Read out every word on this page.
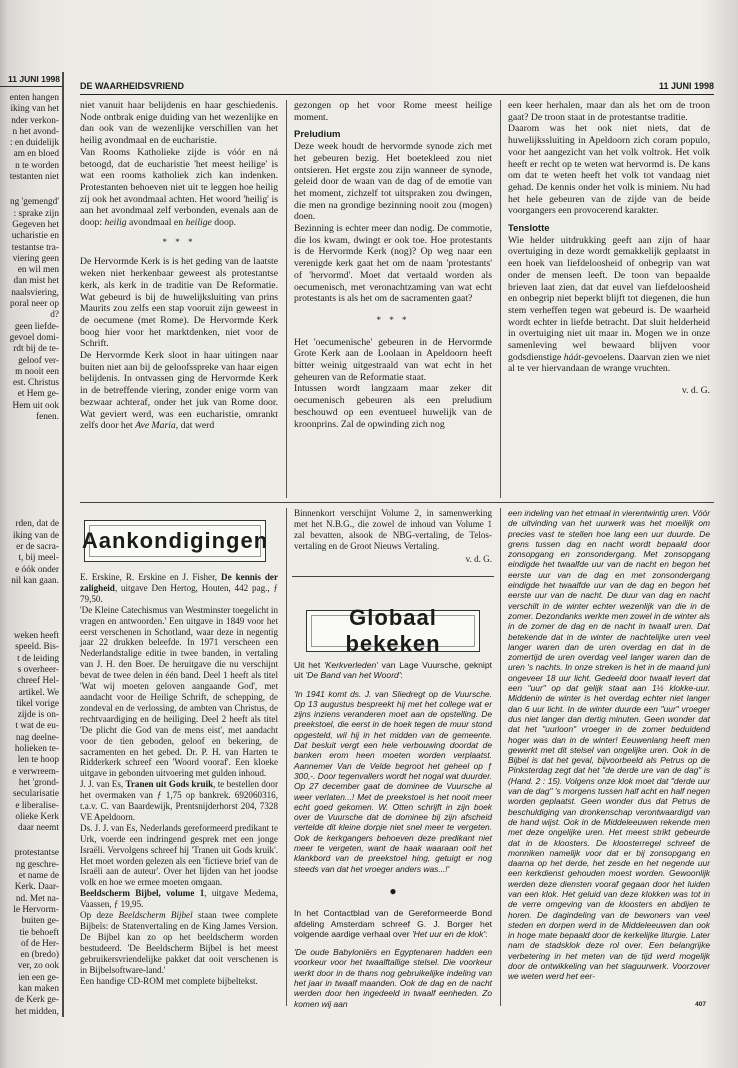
11 JUNI 1998
enten hangen
iking van het
nder verkon-
n het avond-
: en duidelijk
am en bloed
n te worden
testanten niet
ng 'gemengd'
: sprake zijn
Gegeven het
ucharistie en
testantse tra-
viering geen
en wil men
dan mist het
naalsviering,
poral neer op
d?
geen liefde-
gevoel domi-
rdt bij de te-
geloof ver-
m nooit een
est. Christus
et Hem ge-
Hem uit ook
fenen.
rden, dat de
iking van de
er de sacra-
t, bij meel-
e óók onder
nil kan gaan.
weken heeft
speeld. Bis-
t de leiding
s overheer-
chreef Hel-
artikel. We
tikel vorige
zijde is on-
t wat de eu-
nag deelne-
holieken te-
len te hoop
e verwreem-
het 'grond-
secularisatie
e liberalise-
olieke Kerk
daar neemt
protestantse
ng geschre-
et name de
Kerk. Daar-
nd. Met na-
le Hervorm-
buiten ge-
tie behoeft
of de Her-
en (bredo)
ver, zo ook
ien een ge-
kan maken
de Kerk ge-
het midden,
DE WAARHEIDSVRIEND	11 JUNI 1998

niet vanuit haar belijdenis en haar geschiedenis. Node ontbrak enige duiding van het wezenlijke en dan ook van de wezenlijke verschillen van het heilig avondmaal en de eucharistie.

Van Rooms Katholieke zijde is vóór en ná betoogd, dat de eucharistie 'het meest heilige' is wat een rooms katholiek zich kan indenken. Protestanten behoeven niet uit te leggen hoe heilig zij ook het avondmaal achten. Het woord 'heilig' is aan het avondmaal zelf verbonden, evenals aan de doop: heilig avondmaal en heilige doop.

* * *

De Hervormde Kerk is is het geding van de laatste weken niet herkenbaar geweest als protestantse kerk, als kerk in de traditie van De Reformatie. Wat gebeurd is bij de huwelijksluiting van prins Maurits zou zelfs een stap vooruit zijn geweest in de oecumene (met Rome). De Hervormde Kerk boog hier voor het marktdenken, niet voor de Schrift.

De Hervormde Kerk sloot in haar uitingen naar buiten niet aan bij de geloofsspreke van haar eigen belijdenis. In ontvassen ging de Hervormde Kerk in de betreffende viering, zonder enige vorm van bezwaar achteraf, onder het juk van Rome door. Wat geviert werd, was een eucharistie, omrankt zelfs door het Ave Maria, dat werd

gezongen op het voor Rome meest heilige moment.

Preludium

Deze week houdt de hervormde synode zich met het gebeuren bezig. Het boetekleed zou niet ontsieren. Het ergste zou zijn wanneer de synode, geleid door de waan van de dag of de emotie van het moment, zichzelf tot uitspraken zou dwingen, die men na grondige bezinning nooit zou (mogen) doen.

Bezinning is echter meer dan nodig. De commotie, die los kwam, dwingt er ook toe. Hoe protestants is de Hervormde Kerk (nog)? Op weg naar een verenigde kerk gaat het om de naam 'protestants' of 'hervormd'. Moet dat vertaald worden als oecumenisch, met veronachtzaming van wat echt protestants is als het om de sacramenten gaat?

* * *

Het 'oecumenische' gebeuren in de Hervormde Grote Kerk aan de Loolaan in Apeldoorn heeft bitter weinig uitgestraald van wat echt in het geheuren van de Reformatie staat.

Intussen wordt langzaam maar zeker dit oecumenisch gebeuren als een preludium beschouwd op een eventueel huwelijk van de kroonprins. Zal de opwinding zich nog

een keer herhalen, maar dan als het om de troon gaat? De troon staat in de protestantse traditie.

Daarom was het ook niet niets, dat de huwelijkssluiting in Apeldoorn zich coram populo, voor het aangezicht van het volk voltrok. Het volk heeft er recht op te weten wat hervormd is. De kans om dat te weten heeft het volk tot vandaag niet gehad. De kennis onder het volk is miniem. Nu had het hele gebeuren van de zijde van de beide voorgangers een provocerend karakter.

Tenslotte

Wie helder uitdrukking geeft aan zijn of haar overtuiging in deze wordt gemakkelijk geplaatst in een hoek van liefdeloosheid of onbegrip van wat onder de mensen leeft. De toon van bepaalde brieven laat zien, dat dat euvel van liefdeloosheid en onbegrip niet beperkt blijft tot diegenen, die hun stem verheffen tegen wat gebeurd is. De waarheid wordt echter in liefde betracht. Dat sluit helderheid in overtuiging niet uit maar in. Mogen we in onze samenleving wel bewaard blijven voor godsdienstige háát-gevoelens. Daarvan zien we niet al te ver hiervandaan de wrange vruchten.

v. d. G.
Aankondigingen

E. Erskine, R. Erskine en J. Fisher, De kennis der zaligheid, uitgave Den Hertog, Houten, 442 pag., ƒ 79,50.

'De Kleine Catechismus van Westminster toegelicht in vragen en antwoorden.' Een uitgave in 1849 voor het eerst verschenen in Schotland, waar deze in negentig jaar 22 drukken beleefde. In 1971 verscheen een Nederlandstalige editie in twee banden, in vertaling van J. H. den Boer. De heruitgave die nu verschijnt bevat de twee delen in één band. Deel 1 heeft als titel 'Wat wij moeten geloven aangaande God', met aandacht voor de Heilige Schrift, de schepping, de zondeval en de verlossing, de ambten van Christus, de rechtvaardiging en de heiliging. Deel 2 heeft als titel 'De plicht die God van de mens eist', met aandacht voor de tien geboden, geloof en bekering, de sacramenten en het gebed. Dr. P. H. van Harten te Ridderkerk schreef een 'Woord vooraf'. Een kloeke uitgave in gebonden uitvoering met gulden inhoud.

J. J. van Es, Tranen uit Gods kruik, te bestellen door het overmaken van ƒ 1,75 op bankrek. 692060316, t.a.v. C. van Baardewijk, Prentsnijderhorst 204, 7328 VE Apeldoorn.

Ds. J. J. van Es, Nederlands gereformeerd predikant te Urk, voerde een indringend gesprek met een jonge Israëli. Vervolgens schreef hij 'Tranen uit Gods kruik'. Het moet worden gelezen als een 'fictieve brief van de Israëli aan de auteur'. Over het lijden van het joodse volk en hoe we ermee moeten omgaan.

Beeldscherm Bijbel, volume 1, uitgave Medema, Vaassen, ƒ 19,95.

Op deze Beeldscherm Bijbel staan twee complete Bijbels: de Statenvertaling en de King James Version. De Bijbel kan zo op het beeldscherm worden bestudeerd. 'De Beeldscherm Bijbel is het meest gebruikersvriendelijke pakket dat ooit verschenen is in Bijbelsoftware-land.'

Een handige CD-ROM met complete bijbeltekst.

Binnenkort verschijnt Volume 2, in samenwerking met het N.B.G., die zowel de inhoud van Volume 1 zal bevatten, alsook de NBG-vertaling, de Telos-vertaling en de Groot Nieuws Vertaling.

v. d. G.
Globaal bekeken

Uit het 'Kerkverleden' van Lage Vuursche, geknipt uit 'De Band van het Woord':

'In 1941 komt ds. J. van Sliedregt op de Vuursche. Op 13 augustus bespreekt hij met het college wat er zijns inziens veranderen moet aan de opstelling. De preekstoel, die eerst in de hoek tegen de muur stond opgesteld, wil hij in het midden van de gemeente. Dat besluit vergt een hele verbouwing doordat de banken erom heen moeten worden verplaatst. Aannemer Van de Velde begroot het geheel op ƒ 300,-. Door tegenvallers wordt het nogal wat duurder. Op 27 december gaat de dominee de Vuursche al weer verlaten...! Met de preekstoel is het nooit meer echt goed gekomen. W. Otten schrijft in zijn boek over de Vuursche dat de dominee bij zijn afscheid vertelde dit kleine dorpje niet snel meer te vergeten. Ook de kerkgangers behoeven deze predikant niet meer te vergeten, want de haak waaraan ooit het klankbord van de preekstoel hing, getuigt er nog steeds van dat het vroeger anders was...!'

●

In het Contactblad van de Gereformeerde Bond afdeling Amsterdam schreef G. J. Borger het volgende aardige verhaal over 'Het uur en de klok':

'De oude Babyloniërs en Egyptenaren hadden een voorkeur voor het twaalftallige stelsel. Die voorkeur werkt door in de thans nog gebruikelijke indeling van het jaar in twaalf maanden. Ook de dag en de nacht werden door hen ingedeeld in twaalf eenheden. Zo komen wij aan

een indeling van het etmaal in vierentwintig uren. Vóór de uitvinding van het uurwerk was het moeilijk om precies vast te stellen hoe lang een uur duurde. De grens tussen dag en nacht wordt bepaald door zonsopgang en zonsondergang. Met zonsopgang eindigde het twaalfde uur van de nacht en begon het eerste uur van de dag en met zonsondergang eindigde het twaalfde uur van de dag en begon het eerste uur van de nacht. De duur van dag en nacht verschilt in de winter echter wezenlijk van die in de zomer. Dezondanks werkte men zowel in de winter als in de zomer de dag en de nacht in twaalf uren. Dat betekende dat in de winter de nachtelijke uren veel langer waren dan de uren overdag en dat in de zomertijd de uren overdag veel langer waren dan de uren 's nachts. In onze streken is het in de maand juni ongeveer 18 uur licht. Gedeeld door twaalf levert dat een "uur" op dat gelijk staat aan 1½ klokke-uur. Middenin de winter is het overdag echter niet langer dan 6 uur licht. In de winter duurde een "uur" vroeger dus niet langer dan dertig minuten. Geen wonder dat dat het "uurloon" vroeger in de zomer beduidend hoger was dan in de winter! Eeuwenlang heeft men gewerkt met dit stelsel van ongelijke uren. Ook in de Bijbel is dat het geval, bijvoorbeeld als Petrus op de Pinksterdag zegt dat het "de derde ure van de dag" is (Hand. 2 : 15). Volgens onze klok moet dat "derde uur van de dag" 's morgens tussen half acht en half negen worden geplaatst. Geen wonder dus dat Petrus de beschuldiging van dronkenschap verontwaardigd van de hand wijst. Ook in de Middeleeuwen rekende men met deze ongelijke uren. Het meest strikt gebeurde dat in de kloosters. De kloosterregel schreef de monniken namelijk voor dat er bij zonsopgang en daarna op het derde, het zesde en het negende uur een kerkdienst gehouden moest worden. Gewoonlijk werden deze diensten vooraf gegaan door het luiden van een klok. Het geluid van deze klokken was tot in de verre omgeving van de kloosters en abdijen te horen. De dagindeling van de bewoners van veel steden en dorpen werd in de Middeleeuwen dan ook in hoge mate bepaald door de kerkelijke liturgie. Later nam de stadsklok deze rol over. Een belangrijke verbetering in het meten van de tijd werd mogelijk door de ontwikkeling van het slaguurwerk. Voorzover we weten werd het eer-
407
